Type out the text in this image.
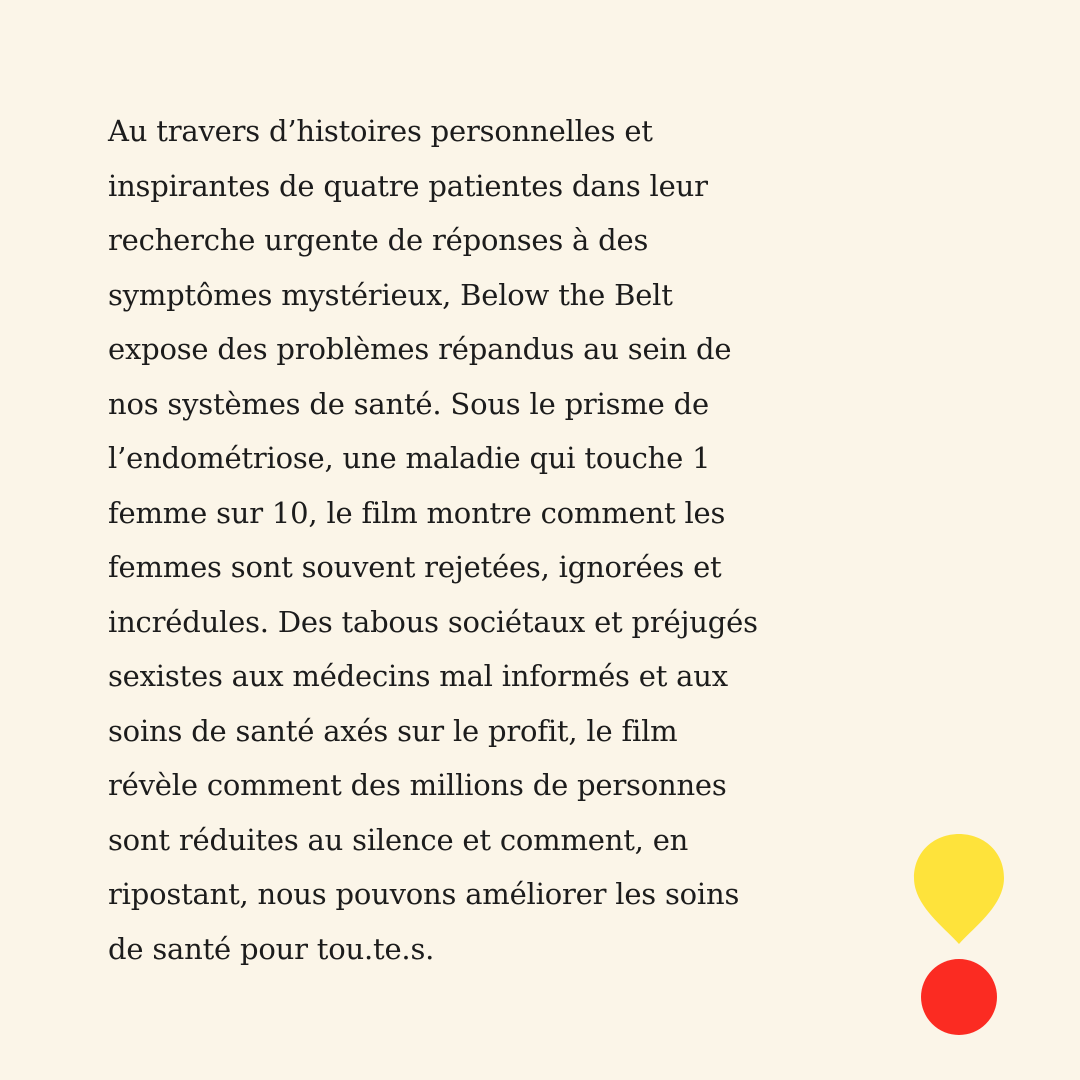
Au travers d’histoires personnelles et
inspirantes de quatre patientes dans leur
recherche urgente de réponses à des
symptômes mystérieux, Below the Belt
expose des problèmes répandus au sein de
nos systèmes de santé. Sous le prisme de
l’endométriose, une maladie qui touche 1
femme sur 10, le film montre comment les
femmes sont souvent rejetées, ignorées et
incrédules. Des tabous sociétaux et préjugés
sexistes aux médecins mal informés et aux
soins de santé axés sur le profit, le film
révèle comment des millions de personnes
sont réduites au silence et comment, en
ripostant, nous pouvons améliorer les soins
de santé pour tou.te.s.
